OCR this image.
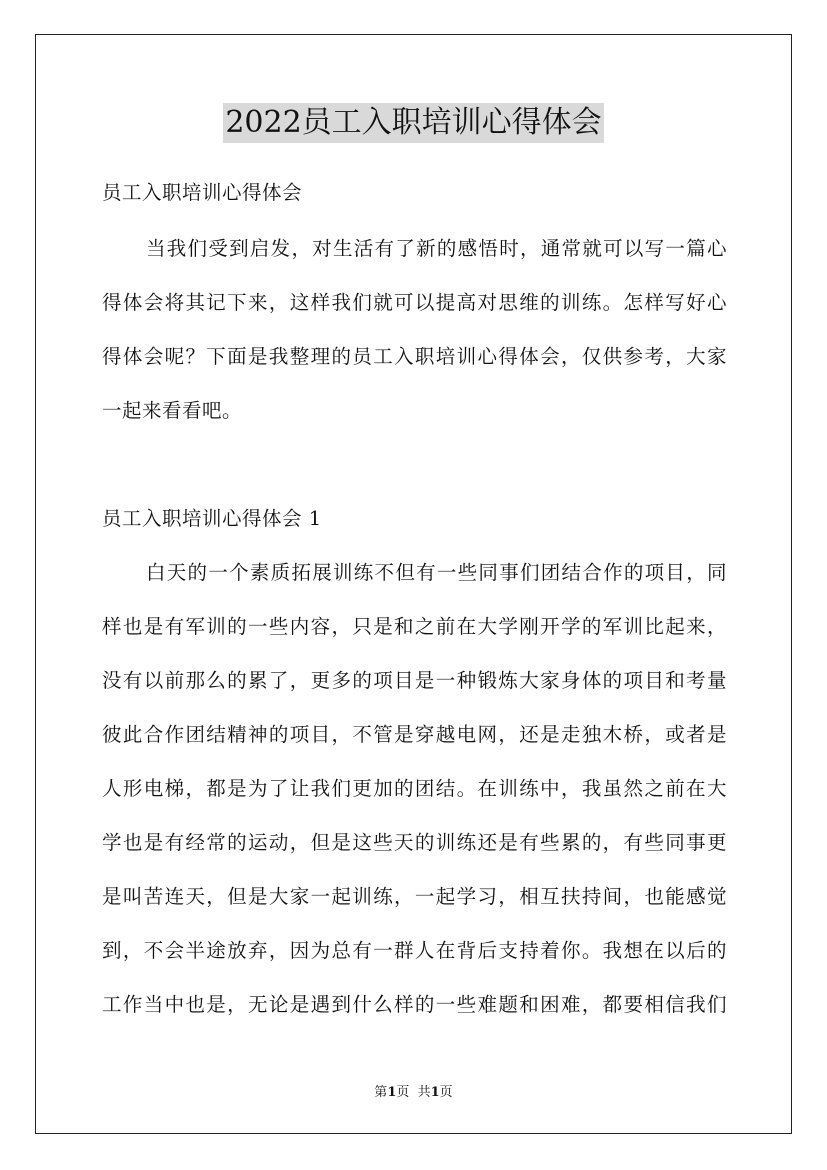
2022员工入职培训心得体会
员工入职培训心得体会
当我们受到启发，对生活有了新的感悟时，通常就可以写一篇心
得体会将其记下来，这样我们就可以提高对思维的训练。怎样写好心
得体会呢？下面是我整理的员工入职培训心得体会，仅供参考，大家
一起来看看吧。
员工入职培训心得体会 1
白天的一个素质拓展训练不但有一些同事们团结合作的项目，同
样也是有军训的一些内容，只是和之前在大学刚开学的军训比起来，
没有以前那么的累了，更多的项目是一种锻炼大家身体的项目和考量
彼此合作团结精神的项目，不管是穿越电网，还是走独木桥，或者是
人形电梯，都是为了让我们更加的团结。在训练中，我虽然之前在大
学也是有经常的运动，但是这些天的训练还是有些累的，有些同事更
是叫苦连天，但是大家一起训练，一起学习，相互扶持间，也能感觉
到，不会半途放弃，因为总有一群人在背后支持着你。我想在以后的
工作当中也是，无论是遇到什么样的一些难题和困难，都要相信我们
第1页  共1页
